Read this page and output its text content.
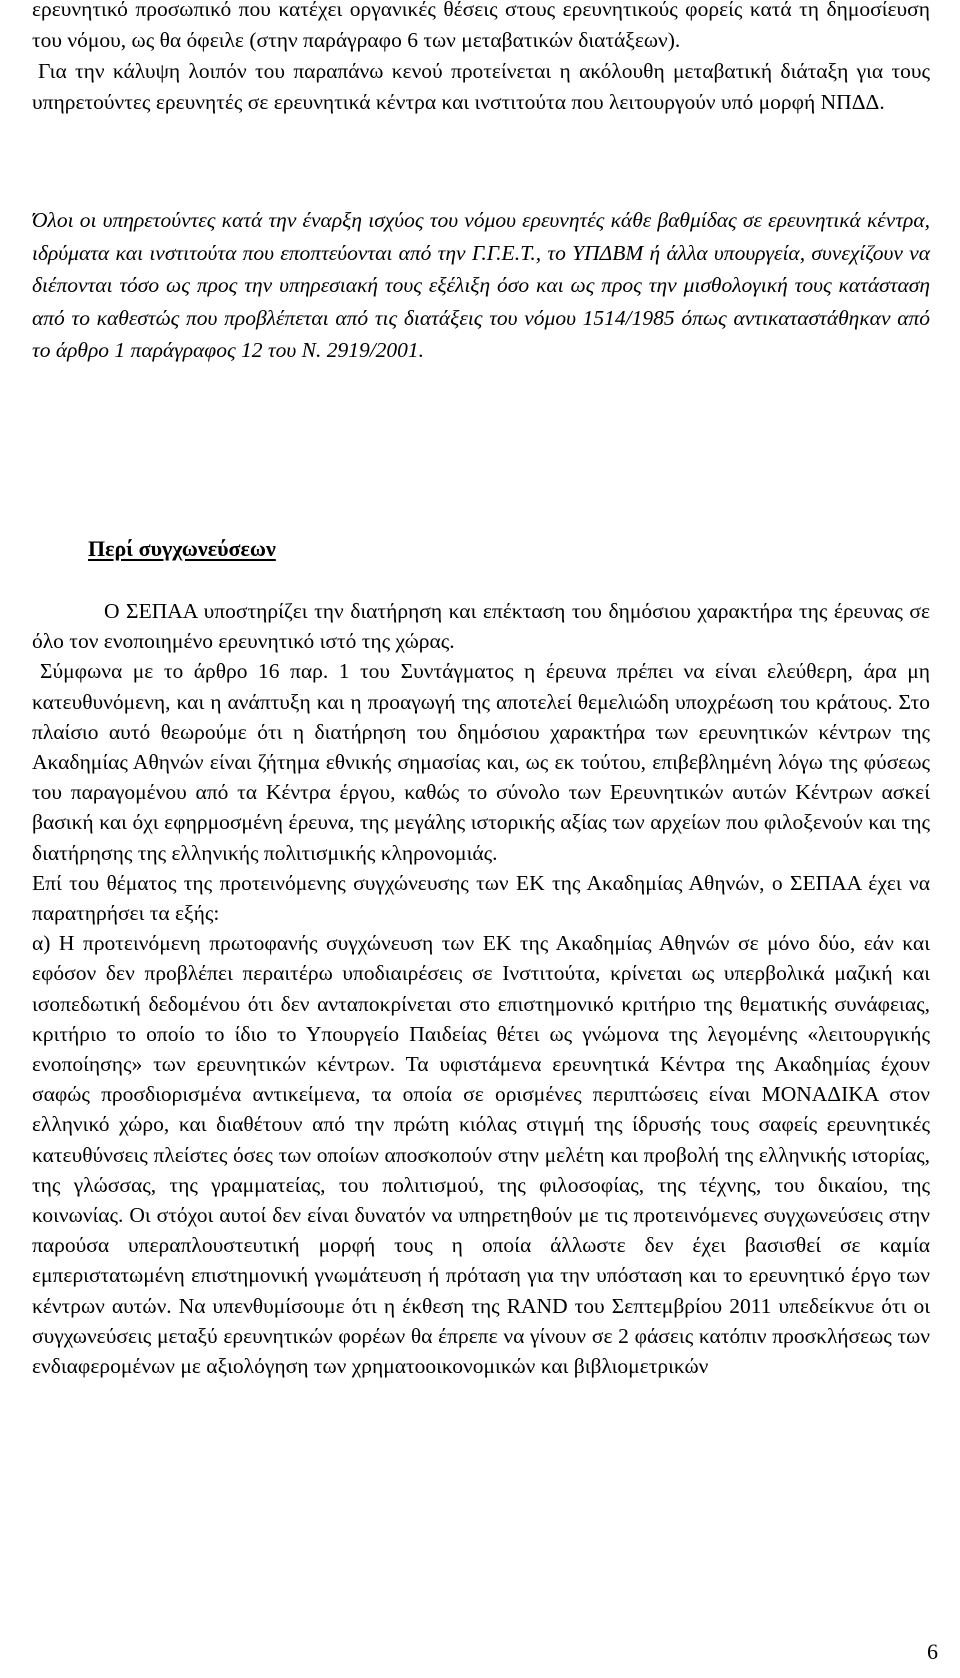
ερευνητικό προσωπικό που κατέχει οργανικές θέσεις στους ερευνητικούς φορείς κατά τη δημοσίευση του νόμου, ως θα όφειλε (στην παράγραφο 6 των μεταβατικών διατάξεων).

Για την κάλυψη λοιπόν του παραπάνω κενού προτείνεται η ακόλουθη μεταβατική διάταξη για τους υπηρετούντες ερευνητές σε ερευνητικά κέντρα και ινστιτούτα που λειτουργούν υπό μορφή ΝΠΔΔ.

Όλοι οι υπηρετούντες κατά την έναρξη ισχύος του νόμου ερευνητές κάθε βαθμίδας σε ερευνητικά κέντρα, ιδρύματα και ινστιτούτα που εποπτεύονται από την Γ.Γ.Ε.Τ., το ΥΠΔΒΜ ή άλλα υπουργεία, συνεχίζουν να διέπονται τόσο ως προς την υπηρεσιακή τους εξέλιξη όσο και ως προς την μισθολογική τους κατάσταση από το καθεστώς που προβλέπεται από τις διατάξεις του νόμου 1514/1985 όπως αντικαταστάθηκαν από το άρθρο 1 παράγραφος 12 του Ν. 2919/2001.

Περί συγχωνεύσεων

Ο ΣΕΠΑΑ υποστηρίζει την διατήρηση και επέκταση του δημόσιου χαρακτήρα της έρευνας σε όλο τον ενοποιημένο ερευνητικό ιστό της χώρας.

Σύμφωνα με το άρθρο 16 παρ. 1 του Συντάγματος η έρευνα πρέπει να είναι ελεύθερη, άρα μη κατευθυνόμενη, και η ανάπτυξη και η προαγωγή της αποτελεί θεμελιώδη υποχρέωση του κράτους. Στο πλαίσιο αυτό θεωρούμε ότι η διατήρηση του δημόσιου χαρακτήρα των ερευνητικών κέντρων της Ακαδημίας Αθηνών είναι ζήτημα εθνικής σημασίας και, ως εκ τούτου, επιβεβλημένη λόγω της φύσεως του παραγομένου από τα Κέντρα έργου, καθώς το σύνολο των Ερευνητικών αυτών Κέντρων ασκεί βασική και όχι εφηρμοσμένη έρευνα, της μεγάλης ιστορικής αξίας των αρχείων που φιλοξενούν και της διατήρησης της ελληνικής πολιτισμικής κληρονομιάς.

Επί του θέματος της προτεινόμενης συγχώνευσης των ΕΚ της Ακαδημίας Αθηνών, ο ΣΕΠΑΑ έχει να παρατηρήσει τα εξής:

α) Η προτεινόμενη πρωτοφανής συγχώνευση των ΕΚ της Ακαδημίας Αθηνών σε μόνο δύο, εάν και εφόσον δεν προβλέπει περαιτέρω υποδιαιρέσεις σε Ινστιτούτα, κρίνεται ως υπερβολικά μαζική και ισοπεδωτική δεδομένου ότι δεν ανταποκρίνεται στο επιστημονικό κριτήριο της θεματικής συνάφειας, κριτήριο το οποίο το ίδιο το Υπουργείο Παιδείας θέτει ως γνώμονα της λεγομένης «λειτουργικής ενοποίησης» των ερευνητικών κέντρων. Τα υφιστάμενα ερευνητικά Κέντρα της Ακαδημίας έχουν σαφώς προσδιορισμένα αντικείμενα, τα οποία σε ορισμένες περιπτώσεις είναι ΜΟΝΑΔΙΚΑ στον ελληνικό χώρο, και διαθέτουν από την πρώτη κιόλας στιγμή της ίδρυσής τους σαφείς ερευνητικές κατευθύνσεις πλείστες όσες των οποίων αποσκοπούν στην μελέτη και προβολή της ελληνικής ιστορίας, της γλώσσας, της γραμματείας, του πολιτισμού, της φιλοσοφίας, της τέχνης, του δικαίου, της κοινωνίας. Οι στόχοι αυτοί δεν είναι δυνατόν να υπηρετηθούν με τις προτεινόμενες συγχωνεύσεις στην παρούσα υπεραπλουστευτική μορφή τους η οποία άλλωστε δεν έχει βασισθεί σε καμία εμπεριστατωμένη επιστημονική γνωμάτευση ή πρόταση για την υπόσταση και το ερευνητικό έργο των κέντρων αυτών. Να υπενθυμίσουμε ότι η έκθεση της RAND του Σεπτεμβρίου 2011 υπεδείκνυε ότι οι συγχωνεύσεις μεταξύ ερευνητικών φορέων θα έπρεπε να γίνουν σε 2 φάσεις κατόπιν προσκλήσεως των ενδιαφερομένων με αξιολόγηση των χρηματοοικονομικών και βιβλιομετρικών

6
